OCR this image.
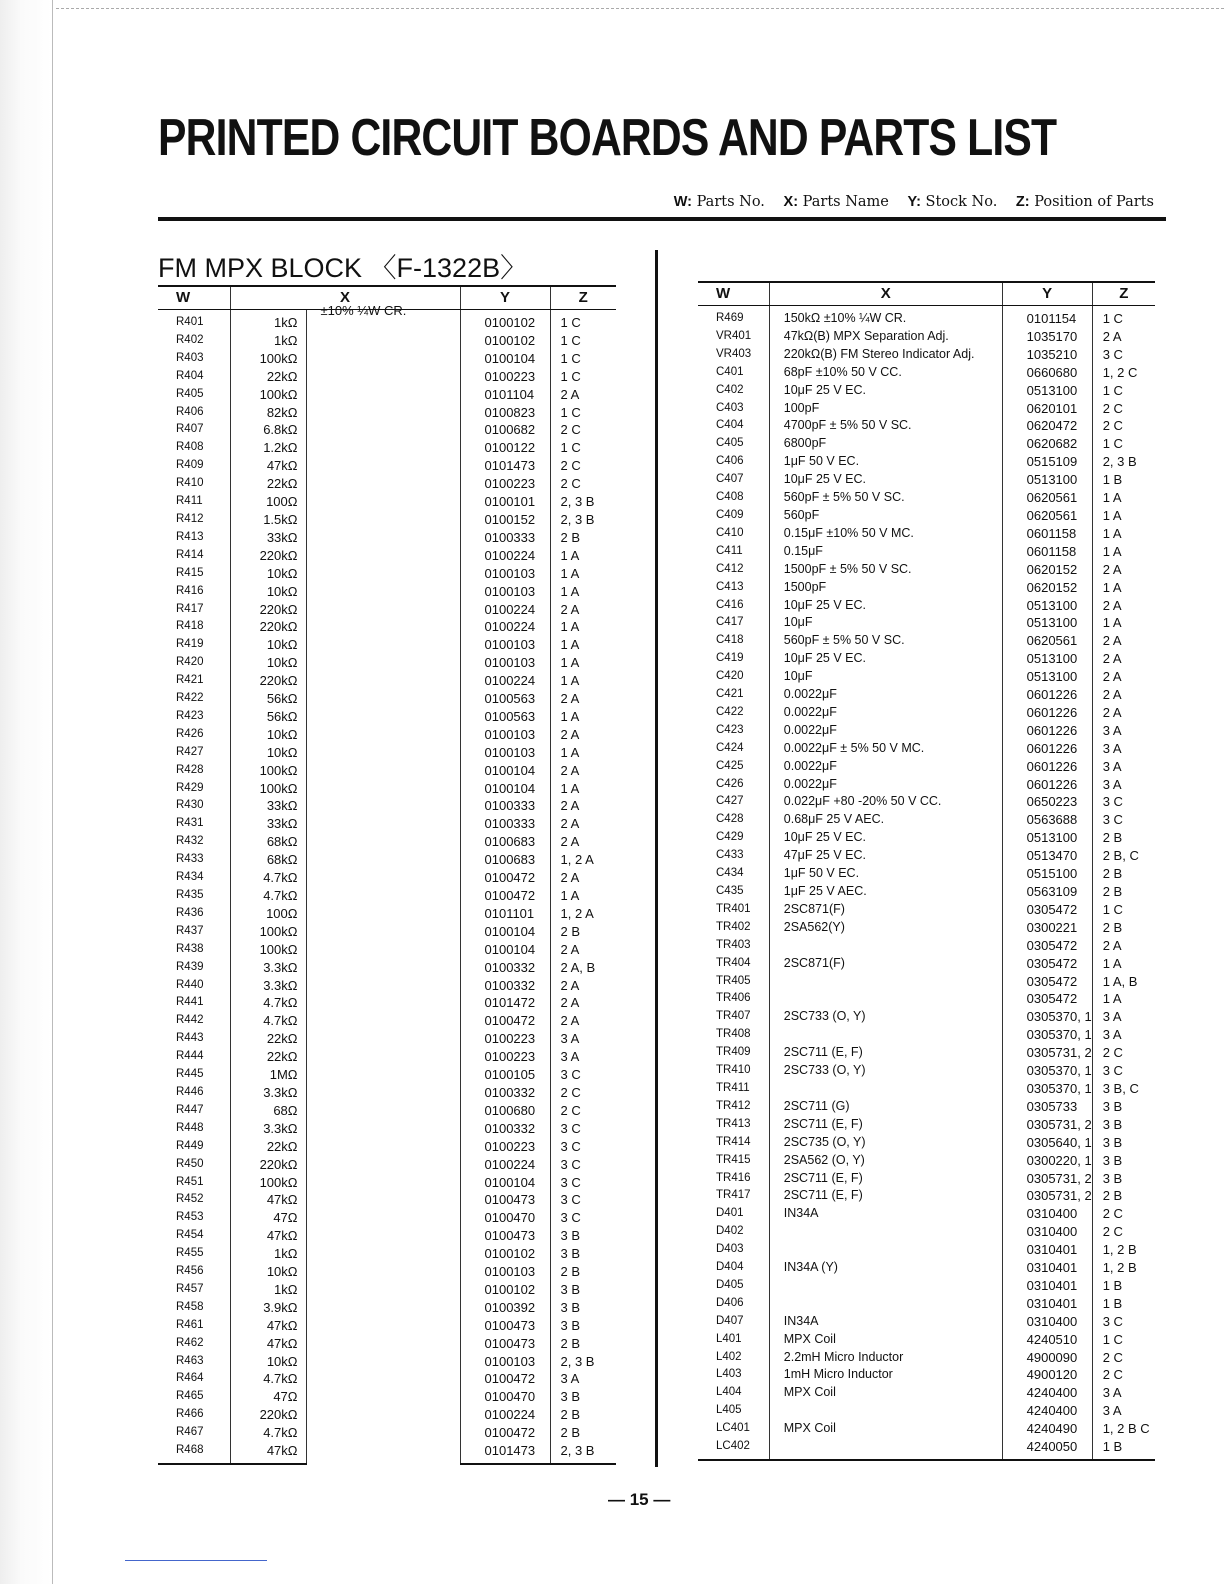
PRINTED CIRCUIT BOARDS AND PARTS LIST
W: Parts No. X: Parts Name Y: Stock No. Z: Position of Parts
FM MPX BLOCK 〈F-1322B〉
W	X		Y	Z
R401	1kΩ	±10% ¼W CR.	0100102	1 C
R402	1kΩ		0100102	1 C
R403	100kΩ		0100104	1 C
R404	22kΩ		0100223	1 C
R405	100kΩ		0101104	2 A
R406	82kΩ		0100823	1 C
R407	6.8kΩ		0100682	2 C
R408	1.2kΩ		0100122	1 C
R409	47kΩ		0101473	2 C
R410	22kΩ		0100223	2 C
R411	100Ω		0100101	2, 3 B
R412	1.5kΩ		0100152	2, 3 B
R413	33kΩ		0100333	2 B
R414	220kΩ		0100224	1 A
R415	10kΩ		0100103	1 A
R416	10kΩ		0100103	1 A
R417	220kΩ		0100224	2 A
R418	220kΩ		0100224	1 A
R419	10kΩ		0100103	1 A
R420	10kΩ		0100103	1 A
R421	220kΩ		0100224	1 A
R422	56kΩ		0100563	2 A
R423	56kΩ		0100563	1 A
R426	10kΩ		0100103	2 A
R427	10kΩ		0100103	1 A
R428	100kΩ		0100104	2 A
R429	100kΩ		0100104	1 A
R430	33kΩ		0100333	2 A
R431	33kΩ		0100333	2 A
R432	68kΩ		0100683	2 A
R433	68kΩ		0100683	1, 2 A
R434	4.7kΩ		0100472	2 A
R435	4.7kΩ		0100472	1 A
R436	100Ω		0101101	1, 2 A
R437	100kΩ		0100104	2 B
R438	100kΩ		0100104	2 A
R439	3.3kΩ		0100332	2 A, B
R440	3.3kΩ		0100332	2 A
R441	4.7kΩ		0101472	2 A
R442	4.7kΩ		0100472	2 A
R443	22kΩ		0100223	3 A
R444	22kΩ		0100223	3 A
R445	1MΩ		0100105	3 C
R446	3.3kΩ		0100332	2 C
R447	68Ω		0100680	2 C
R448	3.3kΩ		0100332	3 C
R449	22kΩ		0100223	3 C
R450	220kΩ		0100224	3 C
R451	100kΩ		0100104	3 C
R452	47kΩ		0100473	3 C
R453	47Ω		0100470	3 C
R454	47kΩ		0100473	3 B
R455	1kΩ		0100102	3 B
R456	10kΩ		0100103	2 B
R457	1kΩ		0100102	3 B
R458	3.9kΩ		0100392	3 B
R461	47kΩ		0100473	3 B
R462	47kΩ		0100473	2 B
R463	10kΩ		0100103	2, 3 B
R464	4.7kΩ		0100472	3 A
R465	47Ω		0100470	3 B
R466	220kΩ		0100224	2 B
R467	4.7kΩ		0100472	2 B
R468	47kΩ		0101473	2, 3 B
W	X	Y	Z
R469	150kΩ ±10% ¼W CR.	0101154	1 C
VR401	47kΩ(B) MPX Separation Adj.	1035170	2 A
VR403	220kΩ(B) FM Stereo Indicator Adj.	1035210	3 C
C401	68pF ±10% 50 V CC.	0660680	1, 2 C
C402	10μF 25 V EC.	0513100	1 C
C403	100pF	0620101	2 C
C404	4700pF ± 5% 50 V SC.	0620472	2 C
C405	6800pF	0620682	1 C
C406	1μF 50 V EC.	0515109	2, 3 B
C407	10μF 25 V EC.	0513100	1 B
C408	560pF ± 5% 50 V SC.	0620561	1 A
C409	560pF	0620561	1 A
C410	0.15μF ±10% 50 V MC.	0601158	1 A
C411	0.15μF	0601158	1 A
C412	1500pF ± 5% 50 V SC.	0620152	2 A
C413	1500pF	0620152	1 A
C416	10μF 25 V EC.	0513100	2 A
C417	10μF	0513100	1 A
C418	560pF ± 5% 50 V SC.	0620561	2 A
C419	10μF 25 V EC.	0513100	2 A
C420	10μF	0513100	2 A
C421	0.0022μF	0601226	2 A
C422	0.0022μF	0601226	2 A
C423	0.0022μF	0601226	3 A
C424	0.0022μF ± 5% 50 V MC.	0601226	3 A
C425	0.0022μF	0601226	3 A
C426	0.0022μF	0601226	3 A
C427	0.022μF +80 -20% 50 V CC.	0650223	3 C
C428	0.68μF 25 V AEC.	0563688	3 C
C429	10μF 25 V EC.	0513100	2 B
C433	47μF 25 V EC.	0513470	2 B, C
C434	1μF 50 V EC.	0515100	2 B
C435	1μF 25 V AEC.	0563109	2 B
TR401	2SC871(F)	0305472	1 C
TR402	2SA562(Y)	0300221	2 B
TR403		0305472	2 A
TR404	2SC871(F)	0305472	1 A
TR405		0305472	1 A, B
TR406		0305472	1 A
TR407	2SC733 (O, Y)	0305370, 1	3 A
TR408		0305370, 1	3 A
TR409	2SC711 (E, F)	0305731, 2	2 C
TR410	2SC733 (O, Y)	0305370, 1	3 C
TR411		0305370, 1	3 B, C
TR412	2SC711 (G)	0305733	3 B
TR413	2SC711 (E, F)	0305731, 2	3 B
TR414	2SC735 (O, Y)	0305640, 1	3 B
TR415	2SA562 (O, Y)	0300220, 1	3 B
TR416	2SC711 (E, F)	0305731, 2	3 B
TR417	2SC711 (E, F)	0305731, 2	2 B
D401	IN34A	0310400	2 C
D402		0310400	2 C
D403		0310401	1, 2 B
D404	IN34A (Y)	0310401	1, 2 B
D405		0310401	1 B
D406		0310401	1 B
D407	IN34A	0310400	3 C
L401	MPX Coil	4240510	1 C
L402	2.2mH Micro Inductor	4900090	2 C
L403	1mH Micro Inductor	4900120	2 C
L404	MPX Coil	4240400	3 A
L405		4240400	3 A
LC401	MPX Coil	4240490	1, 2 B C
LC402		4240050	1 B
— 15 —
